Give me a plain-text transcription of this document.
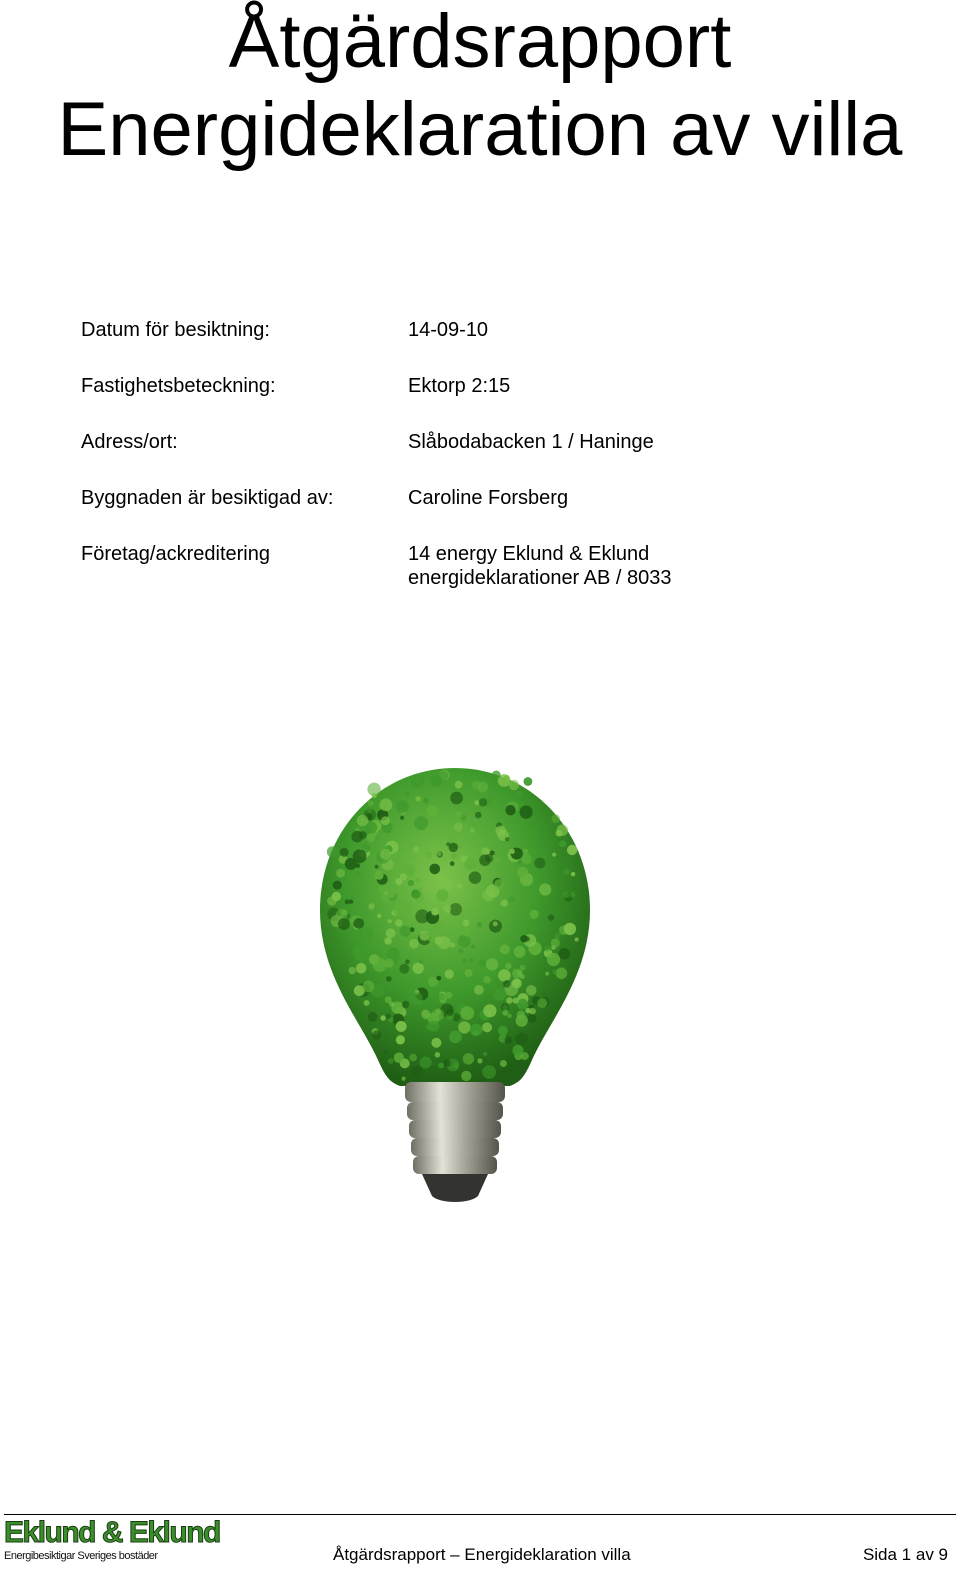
Åtgärdsrapport
Energideklaration av villa
Datum för besiktning:	14-09-10
Fastighetsbeteckning:	Ektorp 2:15
Adress/ort:	Slåbodabacken 1 / Haninge
Byggnaden är besiktigad av:	Caroline Forsberg
Företag/ackreditering	14 energy Eklund & Eklund energideklarationer AB / 8033
Eklund & Eklund
Energibesiktigar Sveriges bostäder	Åtgärdsrapport – Energideklaration villa	Sida 1 av 9
